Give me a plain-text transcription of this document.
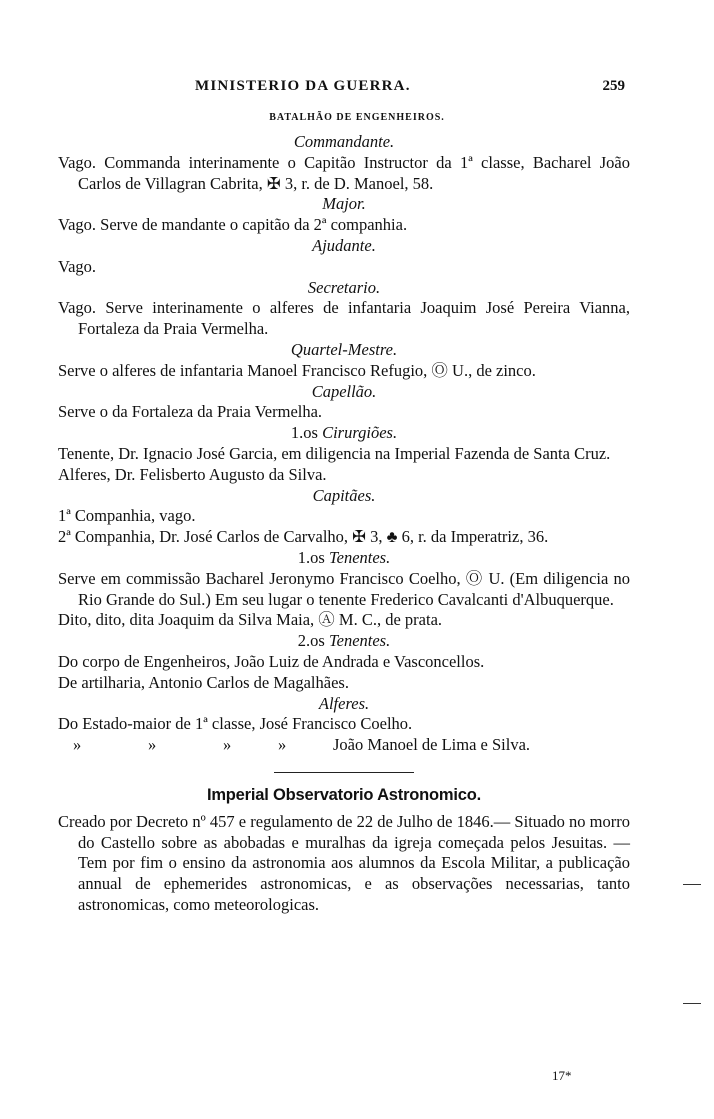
MINISTERIO DA GUERRA.	259
BATALHÃO DE ENGENHEIROS.
Commandante.
Vago. Commanda interinamente o Capitão Instructor da 1ª classe, Bacharel João Carlos de Villagran Cabrita, ✠ 3, r. de D. Manoel, 58.
Major.
Vago. Serve de mandante o capitão da 2ª companhia.
Ajudante.
Vago.
Secretario.
Vago. Serve interinamente o alferes de infantaria Joaquim José Pereira Vianna, Fortaleza da Praia Vermelha.
Quartel-Mestre.
Serve o alferes de infantaria Manoel Francisco Refugio, Ⓞ U., de zinco.
Capellão.
Serve o da Fortaleza da Praia Vermelha.
1.os Cirurgiões.
Tenente, Dr. Ignacio José Garcia, em diligencia na Imperial Fazenda de Santa Cruz.
Alferes, Dr. Felisberto Augusto da Silva.
Capitães.
1ª Companhia, vago.
2ª Companhia, Dr. José Carlos de Carvalho, ✠ 3, ♣ 6, r. da Imperatriz, 36.
1.os Tenentes.
Serve em commissão Bacharel Jeronymo Francisco Coelho, Ⓞ U. (Em diligencia no Rio Grande do Sul.) Em seu lugar o tenente Frederico Cavalcanti d'Albuquerque.
Dito, dito, dita Joaquim da Silva Maia, Ⓐ M. C., de prata.
2.os Tenentes.
Do corpo de Engenheiros, João Luiz de Andrada e Vasconcellos.
De artilharia, Antonio Carlos de Magalhães.
Alferes.
Do Estado-maior de 1ª classe, José Francisco Coelho.
»	»	»	»	João Manoel de Lima e Silva.
Imperial Observatorio Astronomico.
Creado por Decreto nº 457 e regulamento de 22 de Julho de 1846.— Situado no morro do Castello sobre as abobadas e muralhas da igreja começada pelos Jesuitas. —Tem por fim o ensino da astronomia aos alumnos da Escola Militar, a publicação annual de ephemerides astronomicas, e as observações necessarias, tanto astronomicas, como meteorologicas.
17*
